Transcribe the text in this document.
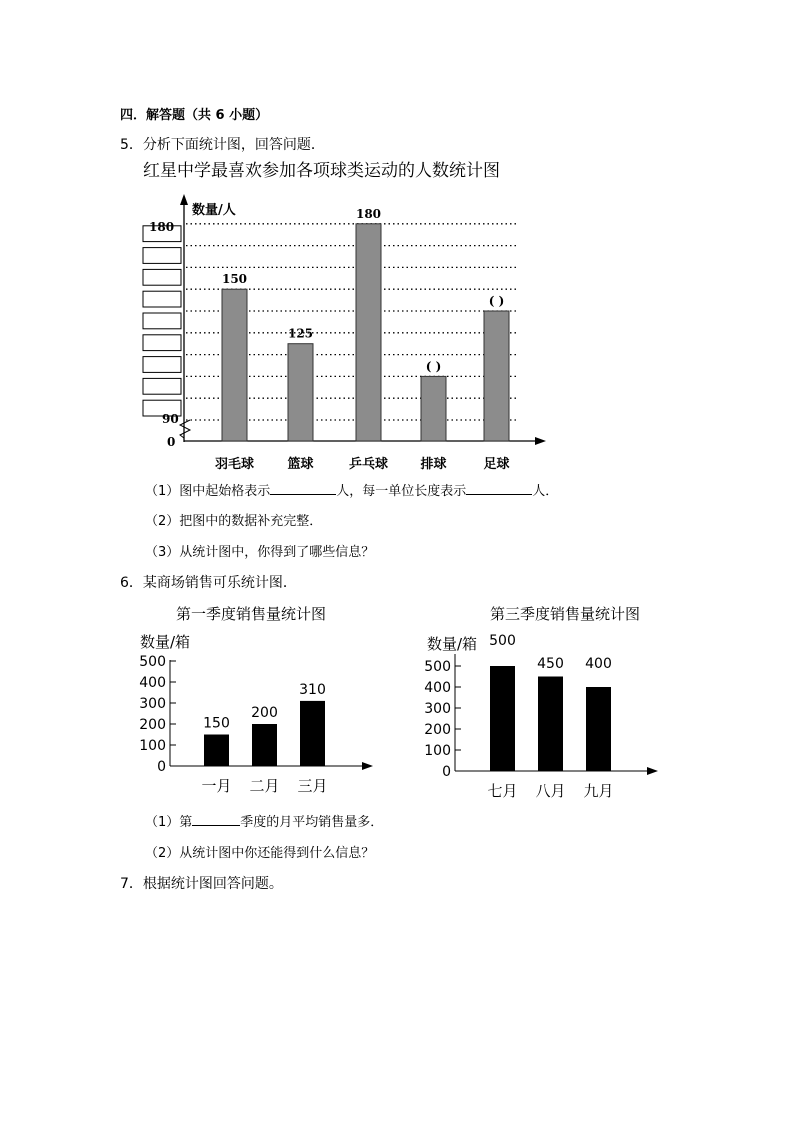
四．解答题（共 6 小题）
5．分析下面统计图，回答问题．
红星中学最喜欢参加各项球类运动的人数统计图
数量/人
180
90
0
150
羽毛球
125
篮球
180
乒乓球
( )
排球
( )
足球
（1）图中起始格表示	人，每一单位长度表示	人．
（2）把图中的数据补充完整．
（3）从统计图中，你得到了哪些信息？
6．某商场销售可乐统计图．
第一季度销售量统计图
数量/箱
0
100
200
300
400
500
150
一月
200
二月
310
三月
第三季度销售量统计图
数量/箱
0
100
200
300
400
500
500
七月
450
八月
400
九月
（1）第	季度的月平均销售量多．
（2）从统计图中你还能得到什么信息？
7．根据统计图回答问题。
